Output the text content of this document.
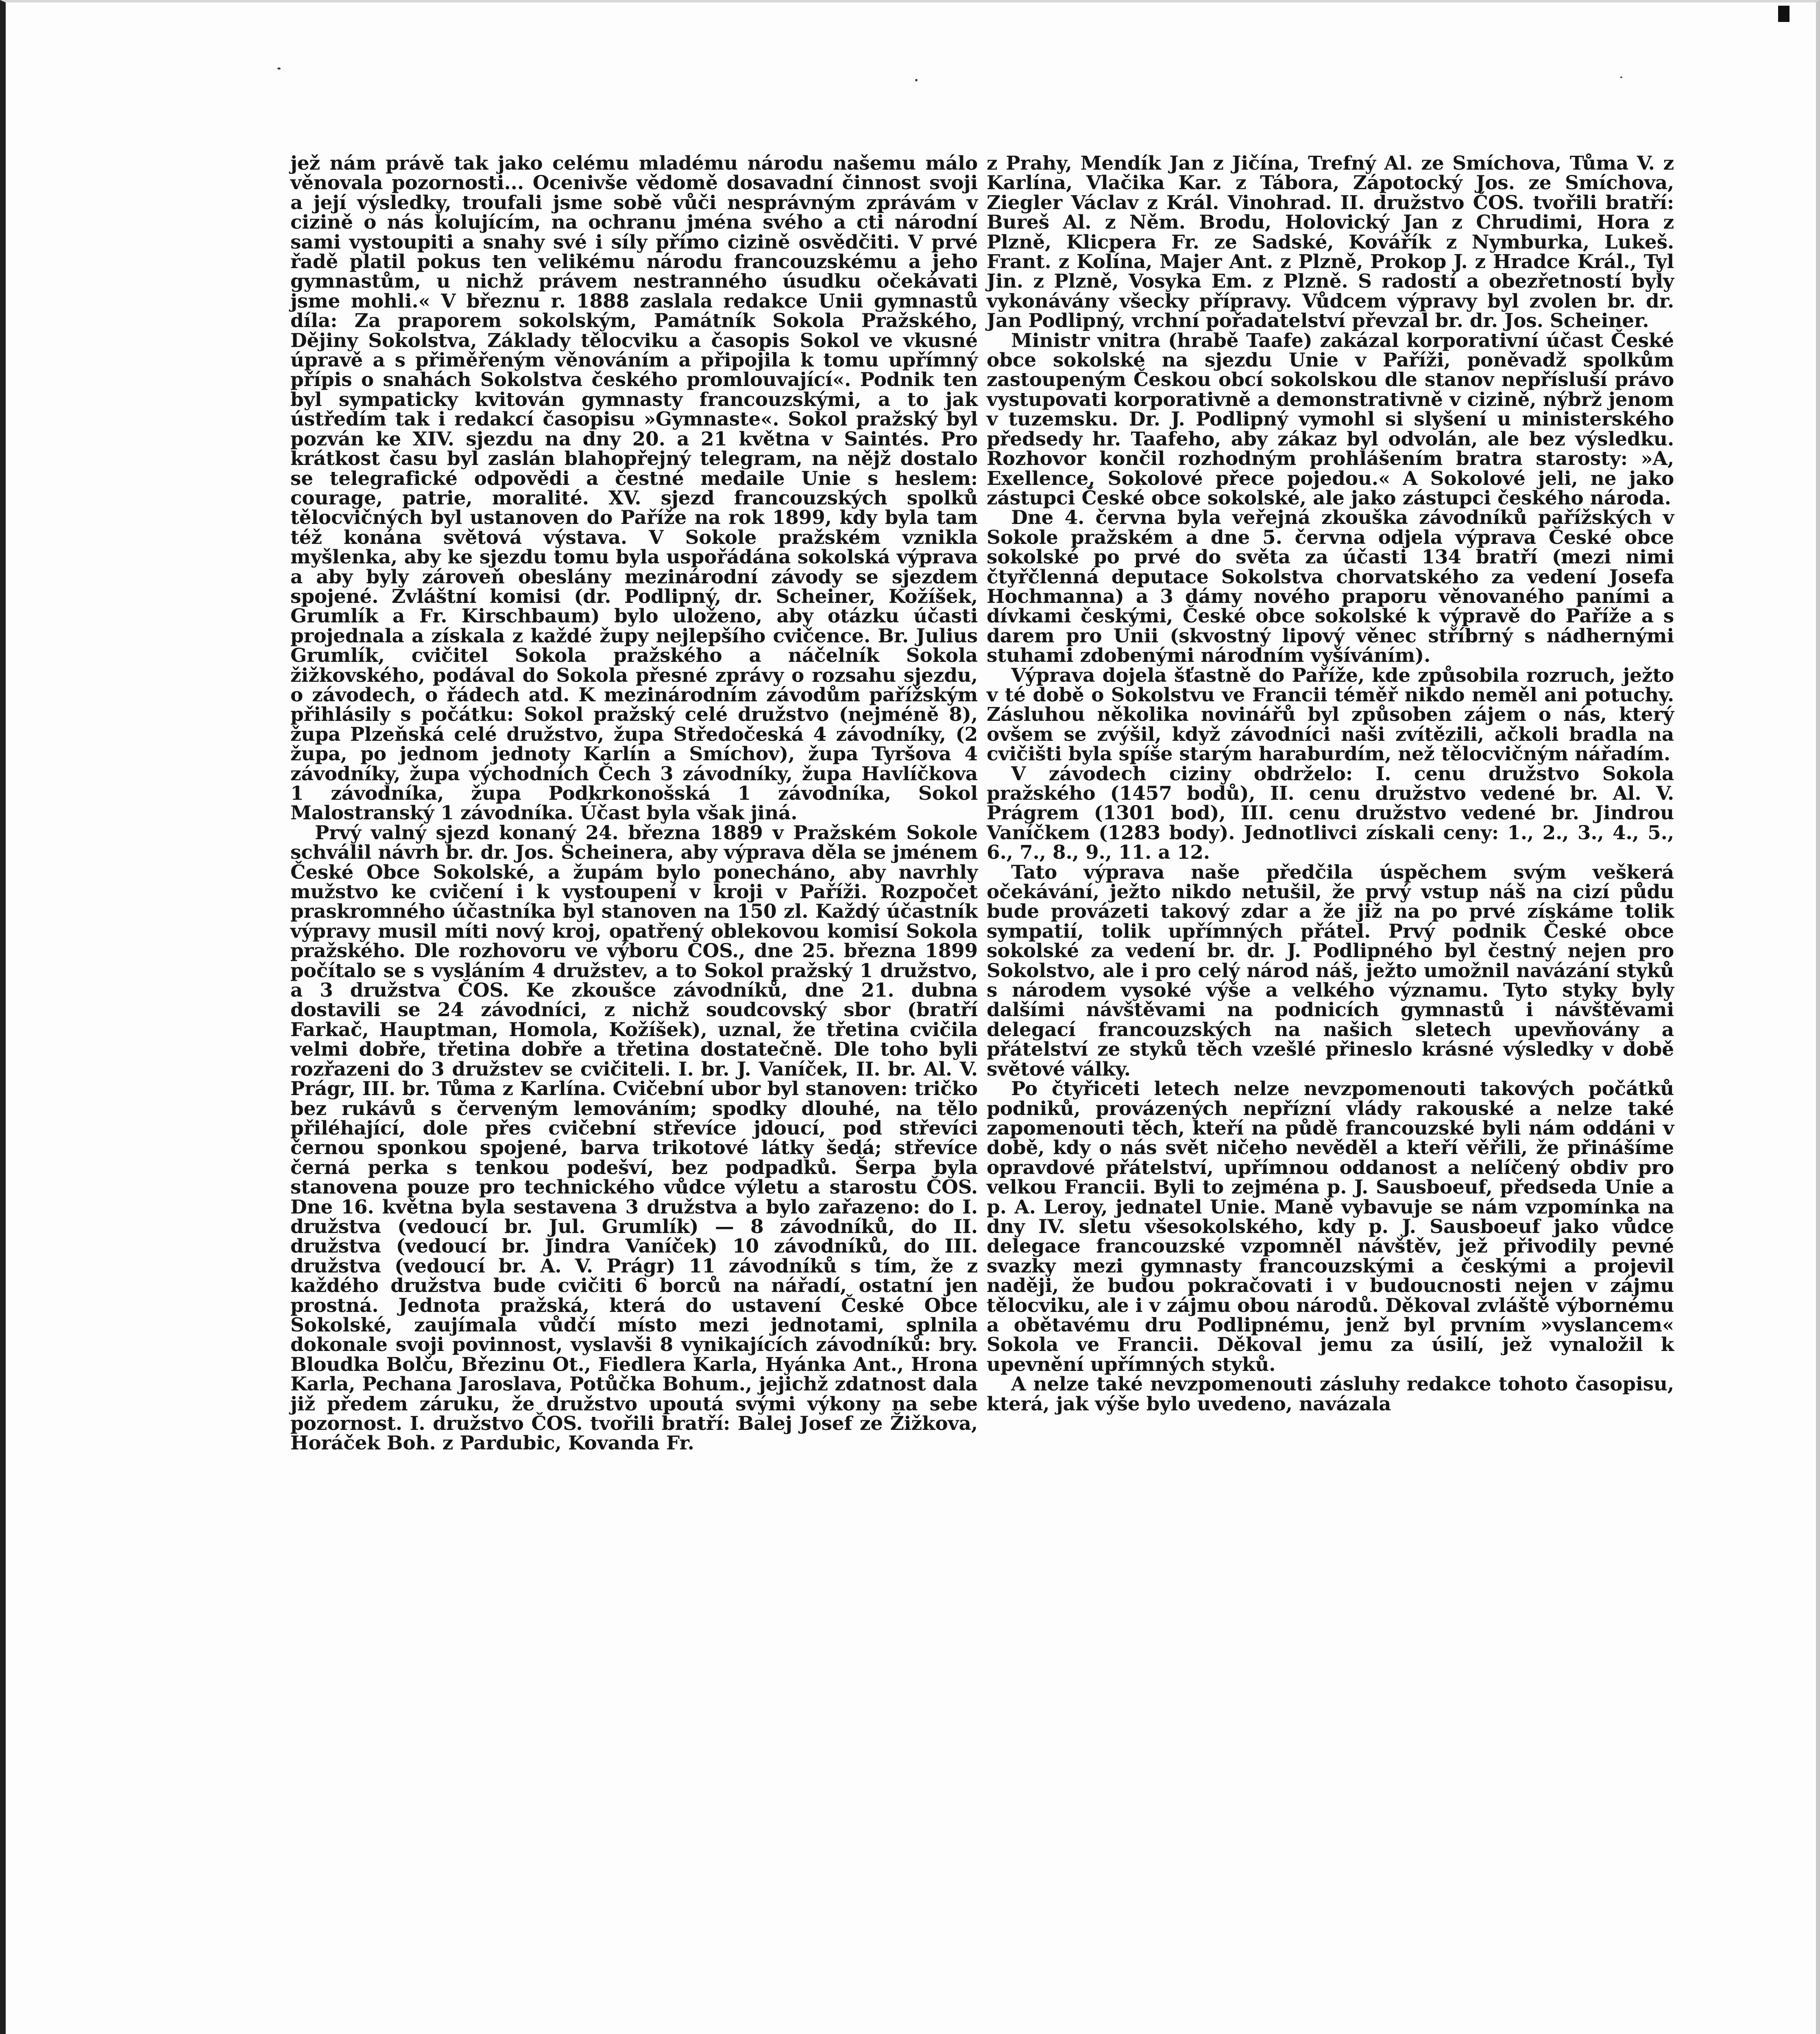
jež nám právě tak jako celému mladému národu našemu málo věnovala pozornosti... Ocenivše vědomě dosavadní činnost svoji a její výsledky, troufali jsme sobě vůči nesprávným zprávám v cizině o nás kolujícím, na ochranu jména svého a cti národní sami vystoupiti a snahy své i síly přímo cizině osvědčiti. V prvé řadě platil pokus ten velikému národu francouzskému a jeho gymnastům, u nichž právem nestranného úsudku očekávati jsme mohli.« V březnu r. 1888 zaslala redakce Unii gymnastů díla: Za praporem sokolským, Památník Sokola Pražského, Dějiny Sokolstva, Základy tělocviku a časopis Sokol ve vkusné úpravě a s přiměřeným věnováním a připojila k tomu upřímný přípis o snahách Sokolstva českého promlouvající«. Podnik ten byl sympaticky kvitován gymnasty francouzskými, a to jak ústředím tak i redakcí časopisu »Gymnaste«. Sokol pražský byl pozván ke XIV. sjezdu na dny 20. a 21 května v Saintés. Pro krátkost času byl zaslán blahopřejný telegram, na nějž dostalo se telegrafické odpovědi a čestné medaile Unie s heslem: courage, patrie, moralité. XV. sjezd francouzských spolků tělocvičných byl ustanoven do Paříže na rok 1899, kdy byla tam též konána světová výstava. V Sokole pražském vznikla myšlenka, aby ke sjezdu tomu byla uspořádána sokolská výprava a aby byly zároveň obeslány mezinárodní závody se sjezdem spojené. Zvláštní komisi (dr. Podlipný, dr. Scheiner, Kožíšek, Grumlík a Fr. Kirschbaum) bylo uloženo, aby otázku účasti projednala a získala z každé župy nejlepšího cvičence. Br. Julius Grumlík, cvičitel Sokola pražského a náčelník Sokola žižkovského, podával do Sokola přesné zprávy o rozsahu sjezdu, o závodech, o řádech atd. K mezinárodním závodům pařížským přihlásily s počátku: Sokol pražský celé družstvo (nejméně 8), župa Plzeňská celé družstvo, župa Středočeská 4 závodníky, (2 župa, po jednom jednoty Karlín a Smíchov), župa Tyršova 4 závodníky, župa východních Čech 3 závodníky, župa Havlíčkova 1 závodníka, župa Podkrkonošská 1 závodníka, Sokol Malostranský 1 závodníka. Účast byla však jiná.

Prvý valný sjezd konaný 24. března 1889 v Pražském Sokole schválil návrh br. dr. Jos. Scheinera, aby výprava děla se jménem České Obce Sokolské, a župám bylo ponecháno, aby navrhly mužstvo ke cvičení i k vystoupení v kroji v Paříži. Rozpočet praskromného účastníka byl stanoven na 150 zl. Každý účastník výpravy musil míti nový kroj, opatřený oblekovou komisí Sokola pražského. Dle rozhovoru ve výboru ČOS., dne 25. března 1899 počítalo se s vysláním 4 družstev, a to Sokol pražský 1 družstvo, a 3 družstva ČOS. Ke zkoušce závodníků, dne 21. dubna dostavili se 24 závodníci, z nichž soudcovský sbor (bratří Farkač, Hauptman, Homola, Kožíšek), uznal, že třetina cvičila velmi dobře, třetina dobře a třetina dostatečně. Dle toho byli rozřazeni do 3 družstev se cvičiteli. I. br. J. Vaníček, II. br. Al. V. Prágr, III. br. Tůma z Karlína. Cvičební ubor byl stanoven: tričko bez rukávů s červeným lemováním; spodky dlouhé, na tělo přiléhající, dole přes cvičební střevíce jdoucí, pod střevíci černou sponkou spojené, barva trikotové látky šedá; střevíce černá perka s tenkou podešví, bez podpadků. Šerpa byla stanovena pouze pro technického vůdce výletu a starostu ČOS. Dne 16. května byla sestavena 3 družstva a bylo zařazeno: do I. družstva (vedoucí br. Jul. Grumlík) — 8 závodníků, do II. družstva (vedoucí br. Jindra Vaníček) 10 závodníků, do III. družstva (vedoucí br. A. V. Prágr) 11 závodníků s tím, že z každého družstva bude cvičiti 6 borců na nářadí, ostatní jen prostná. Jednota pražská, která do ustavení České Obce Sokolské, zaujímala vůdčí místo mezi jednotami, splnila dokonale svoji povinnost, vyslavši 8 vynikajících závodníků: bry. Bloudka Bolču, Březinu Ot., Fiedlera Karla, Hyánka Ant., Hrona Karla, Pechana Jaroslava, Potůčka Bohum., jejichž zdatnost dala již předem záruku, že družstvo upoutá svými výkony na sebe pozornost. I. družstvo ČOS. tvořili bratří: Balej Josef ze Žižkova, Horáček Boh. z Pardubic, Kovanda Fr.

z Prahy, Mendík Jan z Jičína, Trefný Al. ze Smíchova, Tůma V. z Karlína, Vlačika Kar. z Tábora, Zápotocký Jos. ze Smíchova, Ziegler Václav z Král. Vinohrad. II. družstvo ČOS. tvořili bratří: Bureš Al. z Něm. Brodu, Holovický Jan z Chrudimi, Hora z Plzně, Klicpera Fr. ze Sadské, Kovářík z Nymburka, Lukeš. Frant. z Kolína, Majer Ant. z Plzně, Prokop J. z Hradce Král., Tyl Jin. z Plzně, Vosyka Em. z Plzně. S radostí a obezřetností byly vykonávány všecky přípravy. Vůdcem výpravy byl zvolen br. dr. Jan Podlipný, vrchní pořadatelství převzal br. dr. Jos. Scheiner.

Ministr vnitra (hrabě Taafe) zakázal korporativní účast České obce sokolské na sjezdu Unie v Paříži, poněvadž spolkům zastoupeným Českou obcí sokolskou dle stanov nepřísluší právo vystupovati korporativně a demonstrativně v cizině, nýbrž jenom v tuzemsku. Dr. J. Podlipný vymohl si slyšení u ministerského předsedy hr. Taafeho, aby zákaz byl odvolán, ale bez výsledku. Rozhovor končil rozhodným prohlášením bratra starosty: »A, Exellence, Sokolové přece pojedou.« A Sokolové jeli, ne jako zástupci České obce sokolské, ale jako zástupci českého národa.

Dne 4. června byla veřejná zkouška závodníků pařížských v Sokole pražském a dne 5. června odjela výprava České obce sokolské po prvé do světa za účasti 134 bratří (mezi nimi čtyřčlenná deputace Sokolstva chorvatského za vedení Josefa Hochmanna) a 3 dámy nového praporu věnovaného paními a dívkami českými, České obce sokolské k výpravě do Paříže a s darem pro Unii (skvostný lipový věnec stříbrný s nádhernými stuhami zdobenými národním vyšíváním).

Výprava dojela šťastně do Paříže, kde způsobila rozruch, ježto v té době o Sokolstvu ve Francii téměř nikdo neměl ani potuchy. Zásluhou několika novinářů byl způsoben zájem o nás, který ovšem se zvýšil, když závodníci naši zvítězili, ačkoli bradla na cvičišti byla spíše starým haraburdím, než tělocvičným nářadím.

V závodech ciziny obdrželo: I. cenu družstvo Sokola pražského (1457 bodů), II. cenu družstvo vedené br. Al. V. Prágrem (1301 bod), III. cenu družstvo vedené br. Jindrou Vaníčkem (1283 body). Jednotlivci získali ceny: 1., 2., 3., 4., 5., 6., 7., 8., 9., 11. a 12.

Tato výprava naše předčila úspěchem svým veškerá očekávání, ježto nikdo netušil, že prvý vstup náš na cizí půdu bude provázeti takový zdar a že již na po prvé získáme tolik sympatií, tolik upřímných přátel. Prvý podnik České obce sokolské za vedení br. dr. J. Podlipného byl čestný nejen pro Sokolstvo, ale i pro celý národ náš, ježto umožnil navázání styků s národem vysoké výše a velkého významu. Tyto styky byly dalšími návštěvami na podnicích gymnastů i návštěvami delegací francouzských na našich sletech upevňovány a přátelství ze styků těch vzešlé přineslo krásné výsledky v době světové války.

Po čtyřiceti letech nelze nevzpomenouti takových počátků podniků, provázených nepřízní vlády rakouské a nelze také zapomenouti těch, kteří na půdě francouzské byli nám oddáni v době, kdy o nás svět ničeho nevěděl a kteří věřili, že přinášíme opravdové přátelství, upřímnou oddanost a nelíčený obdiv pro velkou Francii. Byli to zejména p. J. Sausboeuf, předseda Unie a p. A. Leroy, jednatel Unie. Maně vybavuje se nám vzpomínka na dny IV. sletu všesokolského, kdy p. J. Sausboeuf jako vůdce delegace francouzské vzpomněl návštěv, jež přivodily pevné svazky mezi gymnasty francouzskými a českými a projevil naději, že budou pokračovati i v budoucnosti nejen v zájmu tělocviku, ale i v zájmu obou národů. Děkoval zvláště výbornému a obětavému dru Podlipnému, jenž byl prvním »vyslancem« Sokola ve Francii. Děkoval jemu za úsilí, jež vynaložil k upevnění upřímných styků.

A nelze také nevzpomenouti zásluhy redakce tohoto časopisu, která, jak výše bylo uvedeno, navázala
